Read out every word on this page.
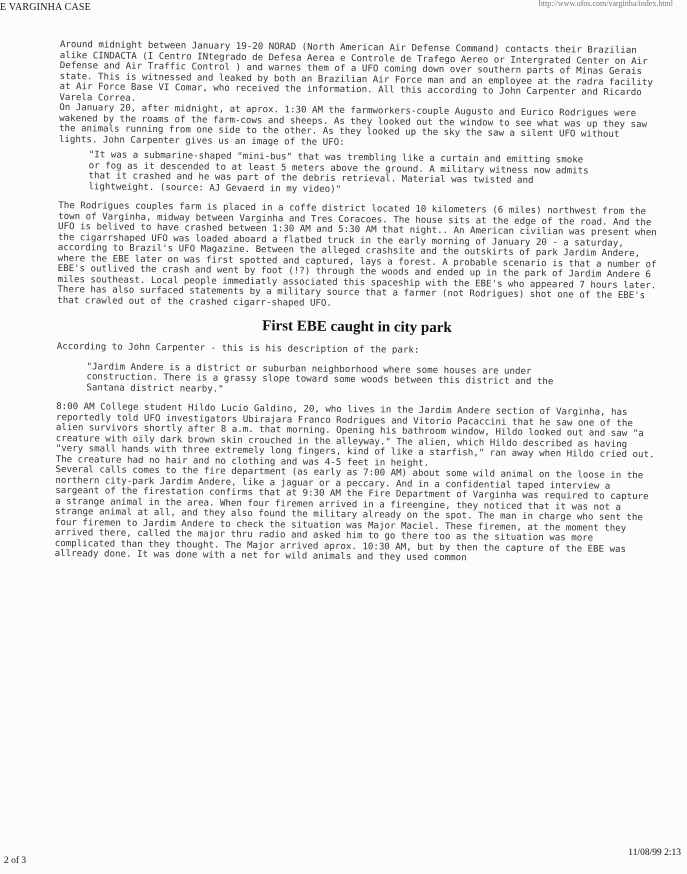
E VARGINHA CASE	http://www.ufos.com/varginha/index.html

Around midnight between January 19-20 NORAD (North American Air Defense Command) contacts their Brazilian alike CINDACTA (I Centro INtegrado de Defesa Aerea e Controle de Trafego Aereo or Intergrated Center on Air Defense and Air Traffic Control ) and warnes them of a UFO coming down over southern parts of Minas Gerais state. This is witnessed and leaked by both an Brazilian Air Force man and an employee at the radra facility at Air Force Base VI Comar, who received the information. All this according to John Carpenter and Ricardo Varela Correa.

On January 20, after midnight, at aprox. 1:30 AM the farmworkers-couple Augusto and Eurico Rodrigues were wakened by the roams of the farm-cows and sheeps. As they looked out the window to see what was up they saw the animals running from one side to the other. As they looked up the sky the saw a silent UFO without lights. John Carpenter gives us an image of the UFO:

"It was a submarine-shaped "mini-bus" that was trembling like a curtain and emitting smoke or fog as it descended to at least 5 meters above the ground. A military witness now admits that it crashed and he was part of the debris retrieval. Material was twisted and lightweight. (source: AJ Gevaerd in my video)"

The Rodrigues couples farm is placed in a coffe district located 10 kilometers (6 miles) northwest from the town of Varginha, midway between Varginha and Tres Coracoes. The house sits at the edge of the road. And the UFO is belived to have crashed between 1:30 AM and 5:30 AM that night.. An American civilian was present when the cigarrshaped UFO was loaded aboard a flatbed truck in the early morning of January 20 - a saturday, according to Brazil's UFO Magazine. Between the alleged crashsite and the outskirts of park Jardim Andere, where the EBE later on was first spotted and captured, lays a forest. A probable scenario is that a number of EBE's outlived the crash and went by foot (!?) through the woods and ended up in the park of Jardim Andere 6 miles southeast. Local people immediatly associated this spaceship with the EBE's who appeared 7 hours later. There has also surfaced statements by a military source that a farmer (not Rodrigues) shot one of the EBE's that crawled out of the crashed cigarr-shaped UFO.

First EBE caught in city park

According to John Carpenter - this is his description of the park:

"Jardim Andere is a district or suburban neighborhood where some houses are under construction. There is a grassy slope toward some woods between this district and the Santana district nearby."

8:00 AM College student Hildo Lucio Galdino, 20, who lives in the Jardim Andere section of Varginha, has reportedly told UFO investigators Ubirajara Franco Rodrigues and Vitorio Pacaccini that he saw one of the alien survivors shortly after 8 a.m. that morning. Opening his bathroom window, Hildo looked out and saw "a creature with oily dark brown skin crouched in the alleyway." The alien, which Hildo described as having "very small hands with three extremely long fingers, kind of like a starfish," ran away when Hildo cried out. The creature had no hair and no clothing and was 4-5 feet in height.

Several calls comes to the fire department (as early as 7:00 AM) about some wild animal on the loose in the northern city-park Jardim Andere, like a jaguar or a peccary. And in a confidential taped interview a sargeant of the firestation confirms that at 9:30 AM the Fire Department of Varginha was required to capture a strange animal in the area. When four firemen arrived in a fireengine, they noticed that it was not a strange animal at all, and they also found the military already on the spot. The man in charge who sent the four firemen to Jardim Andere to check the situation was Major Maciel. These firemen, at the moment they arrived there, called the major thru radio and asked him to go there too as the situation was more complicated than they thought. The Major arrived aprox. 10:30 AM, but by then the capture of the EBE was allready done. It was done with a net for wild animals and they used common

2 of 3
11/08/99 2:13
